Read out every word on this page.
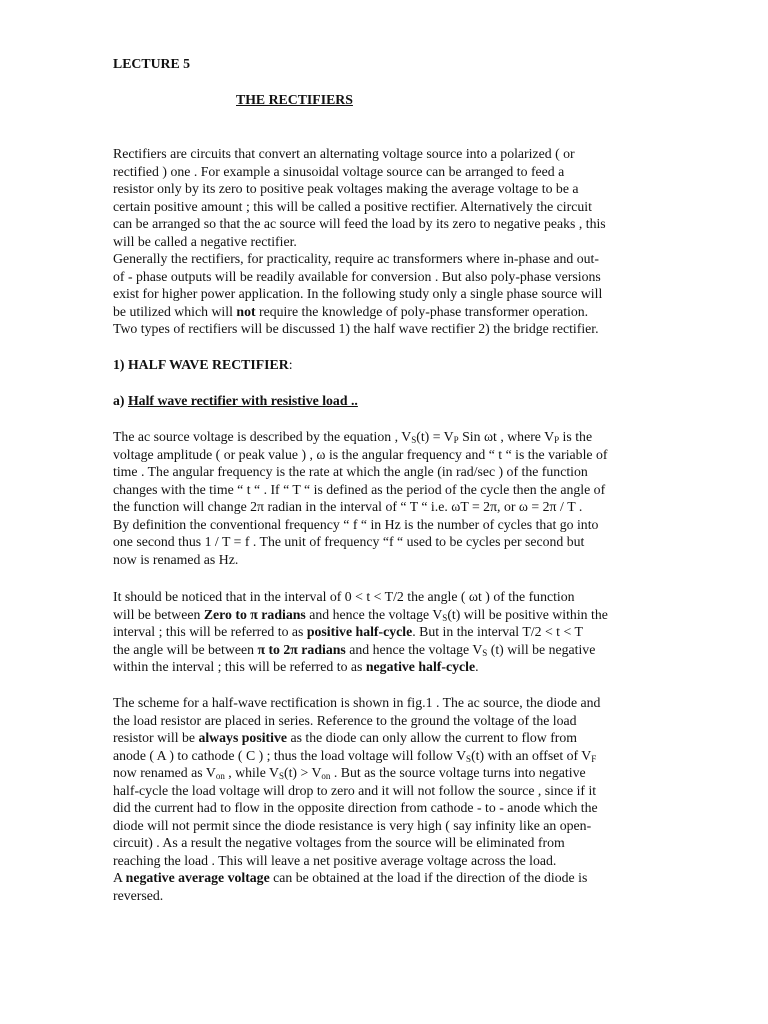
LECTURE 5
THE RECTIFIERS
Rectifiers are circuits that convert an alternating voltage source into a polarized ( or
rectified ) one . For example a sinusoidal voltage source can be arranged to feed a
resistor only by its zero to positive peak voltages making the average voltage to be a
certain positive amount ; this will be called a positive rectifier. Alternatively the circuit
can be arranged so that the ac source will feed the load by its zero to negative peaks , this
will be called a negative rectifier.
Generally the rectifiers, for practicality, require ac transformers where in-phase and out-
of - phase outputs will be readily available for conversion . But also poly-phase versions
exist for higher power application. In the following study only a single phase source will
be utilized which will not require the knowledge of poly-phase transformer operation.
Two types of rectifiers will be discussed 1) the half wave rectifier 2) the bridge rectifier.
1) HALF WAVE RECTIFIER:
a) Half wave rectifier with resistive load ..
The ac source voltage is described by the equation , $V_S(t) = V_P$ Sin ωt , where $V_P$ is the
voltage amplitude ( or peak value ) , ω is the angular frequency and “ t “ is the variable of
time . The angular frequency is the rate at which the angle (in rad/sec ) of the function
changes with the time “ t “ . If “ T “ is defined as the period of the cycle then the angle of
the function will change 2π radian in the interval of “ T “ i.e. ωT = 2π, or ω = 2π / T .
By definition the conventional frequency “ f “ in Hz is the number of cycles that go into
one second thus 1 / T = f . The unit of frequency “f “ used to be cycles per second but
now is renamed as Hz.
It should be noticed that in the interval of 0 < t < T/2 the angle ( ωt ) of the function
will be between Zero to π radians and hence the voltage $V_S(t)$ will be positive within the
interval ; this will be referred to as positive half-cycle. But in the interval T/2 < t < T
the angle will be between π to 2π radians and hence the voltage $V_S$ (t) will be negative
within the interval ; this will be referred to as negative half-cycle.
The scheme for a half-wave rectification is shown in fig.1 . The ac source, the diode and
the load resistor are placed in series. Reference to the ground the voltage of the load
resistor will be always positive as the diode can only allow the current to flow from
anode ( A ) to cathode ( C ) ; thus the load voltage will follow $V_S(t)$ with an offset of $V_F$
now renamed as $V_{on}$ , while $V_S(t) > V_{on}$ . But as the source voltage turns into negative
half-cycle the load voltage will drop to zero and it will not follow the source , since if it
did the current had to flow in the opposite direction from cathode - to - anode which the
diode will not permit since the diode resistance is very high ( say infinity like an open-
circuit) . As a result the negative voltages from the source will be eliminated from
reaching the load . This will leave a net positive average voltage across the load.
A negative average voltage can be obtained at the load if the direction of the diode is
reversed.
